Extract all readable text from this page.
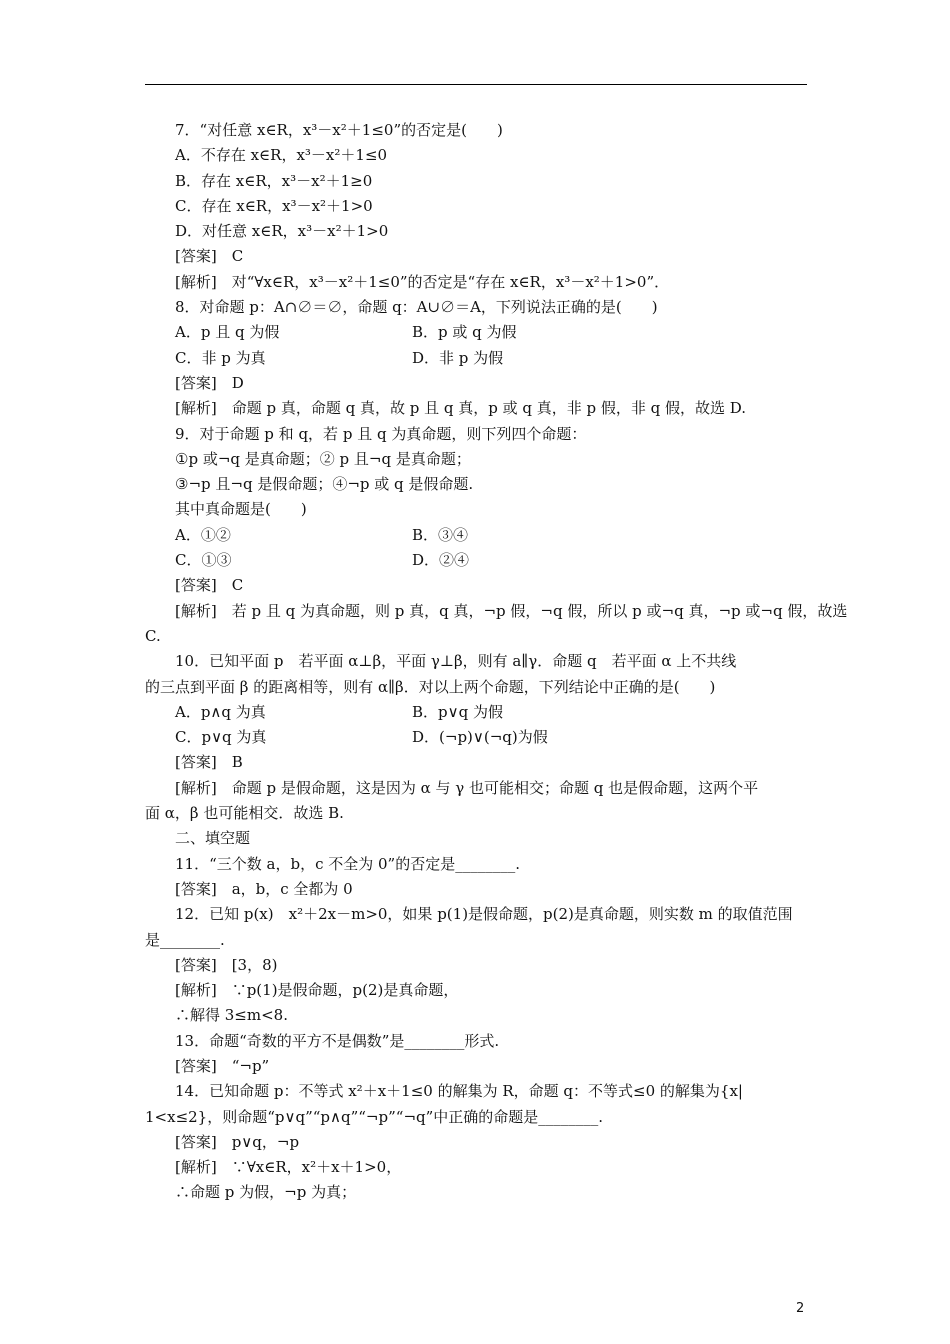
7．“对任意 x∈R，x³－x²＋1≤0”的否定是(　　)
A．不存在 x∈R，x³－x²＋1≤0
B．存在 x∈R，x³－x²＋1≥0
C．存在 x∈R，x³－x²＋1>0
D．对任意 x∈R，x³－x²＋1>0
[答案]　C
[解析]　对“∀x∈R，x³－x²＋1≤0”的否定是“存在 x∈R，x³－x²＋1>0”．
8．对命题 p：A∩∅＝∅，命题 q：A∪∅＝A，下列说法正确的是(　　)
A．p 且 q 为假	B．p 或 q 为假
C．非 p 为真	D．非 p 为假
[答案]　D
[解析]　命题 p 真，命题 q 真，故 p 且 q 真，p 或 q 真，非 p 假，非 q 假，故选 D.
9．对于命题 p 和 q，若 p 且 q 为真命题，则下列四个命题：
①p 或¬q 是真命题；② p 且¬q 是真命题；
③¬p 且¬q 是假命题；④¬p 或 q 是假命题.
其中真命题是(　　)
A．①②	B．③④
C．①③	D．②④
[答案]　C
[解析]　若 p 且 q 为真命题，则 p 真，q 真，¬p 假，¬q 假，所以 p 或¬q 真，¬p 或¬q 假，故选
C.
10．已知平面 p　若平面 α⊥β，平面 γ⊥β，则有 a∥γ．命题 q　若平面 α 上不共线
的三点到平面 β 的距离相等，则有 α∥β．对以上两个命题，下列结论中正确的是(　　)
A．p∧q 为真	B．p∨q 为假
C．p∨q 为真	D．(¬p)∨(¬q)为假
[答案]　B
[解析]　命题 p 是假命题，这是因为 α 与 γ 也可能相交；命题 q 也是假命题，这两个平
面 α，β 也可能相交．故选 B.
二、填空题
11．“三个数 a，b，c 不全为 0”的否定是________.
[答案]　a，b，c 全都为 0
12．已知 p(x)　x²＋2x－m>0，如果 p(1)是假命题，p(2)是真命题，则实数 m 的取值范围
是________.
[答案]　[3，8)
[解析]　∵p(1)是假命题，p(2)是真命题，
∴解得 3≤m<8.
13．命题“奇数的平方不是偶数”是________形式.
[答案]　“¬p”
14．已知命题 p：不等式 x²＋x＋1≤0 的解集为 R，命题 q：不等式≤0 的解集为{x|
1<x≤2}，则命题“p∨q”“p∧q”“¬p”“¬q”中正确的命题是________.
[答案]　p∨q，¬p
[解析]　∵∀x∈R，x²＋x＋1>0，
∴命题 p 为假，¬p 为真；
2
